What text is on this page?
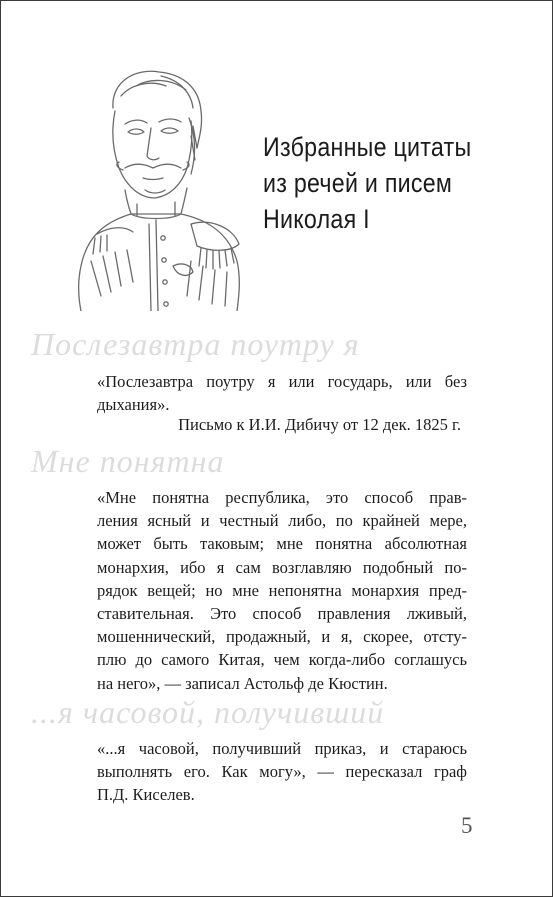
Избранные цитаты
из речей и писем
Николая I
Послезавтра поутру я
«Послезавтра поутру я или государь, или без
дыхания».
Письмо к И.И. Дибичу от 12 дек. 1825 г.
Мне понятна
«Мне понятна республика, это способ прав-
ления ясный и честный либо, по крайней мере,
может быть таковым; мне понятна абсолютная
монархия, ибо я сам возглавляю подобный по-
рядок вещей; но мне непонятна монархия пред-
ставительная. Это способ правления лживый,
мошеннический, продажный, и я, скорее, отсту-
плю до самого Китая, чем когда-либо соглашусь
на него», — записал Астольф де Кюстин.
...я часовой, получивший
«...я часовой, получивший приказ, и стараюсь
выполнять его. Как могу», — пересказал граф
П.Д. Киселев.
5
